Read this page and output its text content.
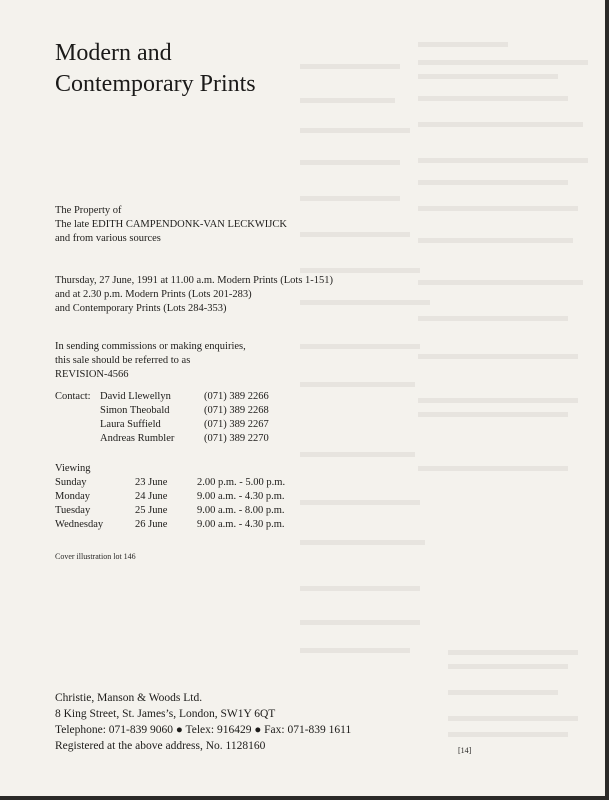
Modern and
Contemporary Prints
The Property of
The late EDITH CAMPENDONK-VAN LECKWIJCK
and from various sources
Thursday, 27 June, 1991 at 11.00 a.m. Modern Prints (Lots 1-151)
and at 2.30 p.m. Modern Prints (Lots 201-283)
and Contemporary Prints (Lots 284-353)
In sending commissions or making enquiries,
this sale should be referred to as
REVISION-4566
Contact: David Llewellyn	(071) 389 2266
Simon Theobald	(071) 389 2268
Laura Suffield	(071) 389 2267
Andreas Rumbler	(071) 389 2270
Viewing
Sunday	23 June	2.00 p.m. - 5.00 p.m.
Monday	24 June	9.00 a.m. - 4.30 p.m.
Tuesday	25 June	9.00 a.m. - 8.00 p.m.
Wednesday	26 June	9.00 a.m. - 4.30 p.m.
Cover illustration lot 146
Christie, Manson & Woods Ltd.
8 King Street, St. James’s, London, SW1Y 6QT
Telephone: 071-839 9060 ● Telex: 916429 ● Fax: 071-839 1611
Registered at the above address, No. 1128160	[14]
